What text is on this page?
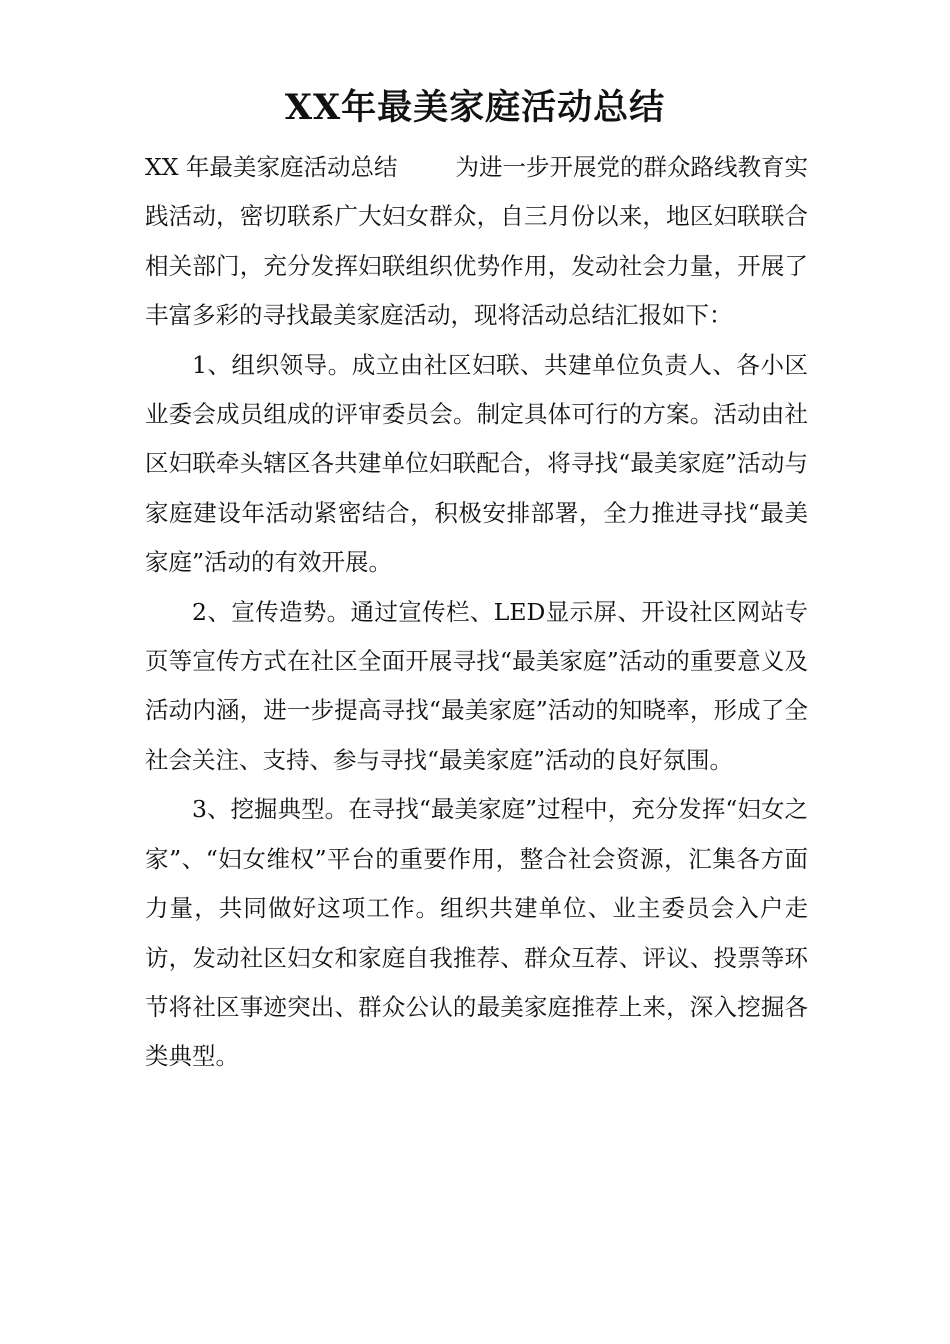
XX年最美家庭活动总结

XX 年最美家庭活动总结 为进一步开展党的群众路线教育实践活动，密切联系广大妇女群众，自三月份以来，地区妇联联合相关部门，充分发挥妇联组织优势作用，发动社会力量，开展了丰富多彩的寻找最美家庭活动，现将活动总结汇报如下：

1、组织领导。成立由社区妇联、共建单位负责人、各小区业委会成员组成的评审委员会。制定具体可行的方案。活动由社区妇联牵头辖区各共建单位妇联配合，将寻找“最美家庭”活动与家庭建设年活动紧密结合，积极安排部署，全力推进寻找“最美家庭”活动的有效开展。

2、宣传造势。通过宣传栏、LED显示屏、开设社区网站专页等宣传方式在社区全面开展寻找“最美家庭”活动的重要意义及活动内涵，进一步提高寻找“最美家庭”活动的知晓率，形成了全社会关注、支持、参与寻找“最美家庭”活动的良好氛围。

3、挖掘典型。在寻找“最美家庭”过程中，充分发挥“妇女之家”、“妇女维权”平台的重要作用，整合社会资源，汇集各方面力量，共同做好这项工作。组织共建单位、业主委员会入户走访，发动社区妇女和家庭自我推荐、群众互荐、评议、投票等环节将社区事迹突出、群众公认的最美家庭推荐上来，深入挖掘各类典型。
